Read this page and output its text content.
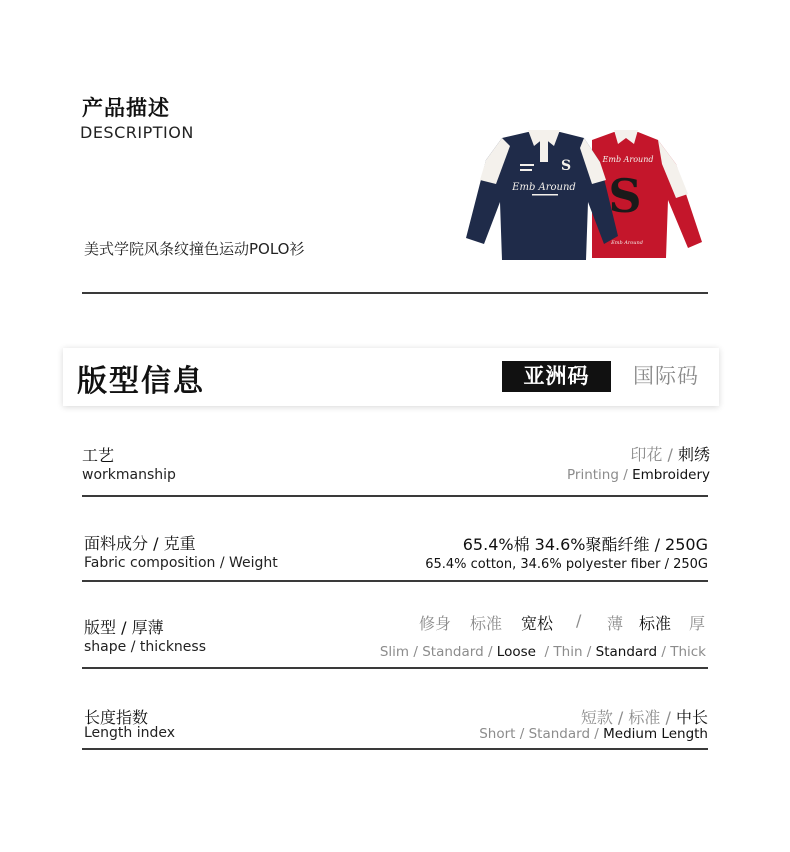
产品描述
DESCRIPTION
美式学院风条纹撞色运动POLO衫
Emb Around
S
Emb Around
S
Emb Around
版型信息	亚洲码	国际码
工艺
workmanship
印花 / 刺绣
Printing / Embroidery
面料成分 / 克重
Fabric composition / Weight
65.4%棉 34.6%聚酯纤维 / 250G
65.4% cotton, 34.6% polyester fiber / 250G
版型 / 厚薄
shape / thickness
修身 标准 宽松 / 薄 标准 厚
Slim / Standard / Loose  / Thin / Standard / Thick
长度指数
Length index
短款 / 标准 / 中长
Short / Standard / Medium Length
